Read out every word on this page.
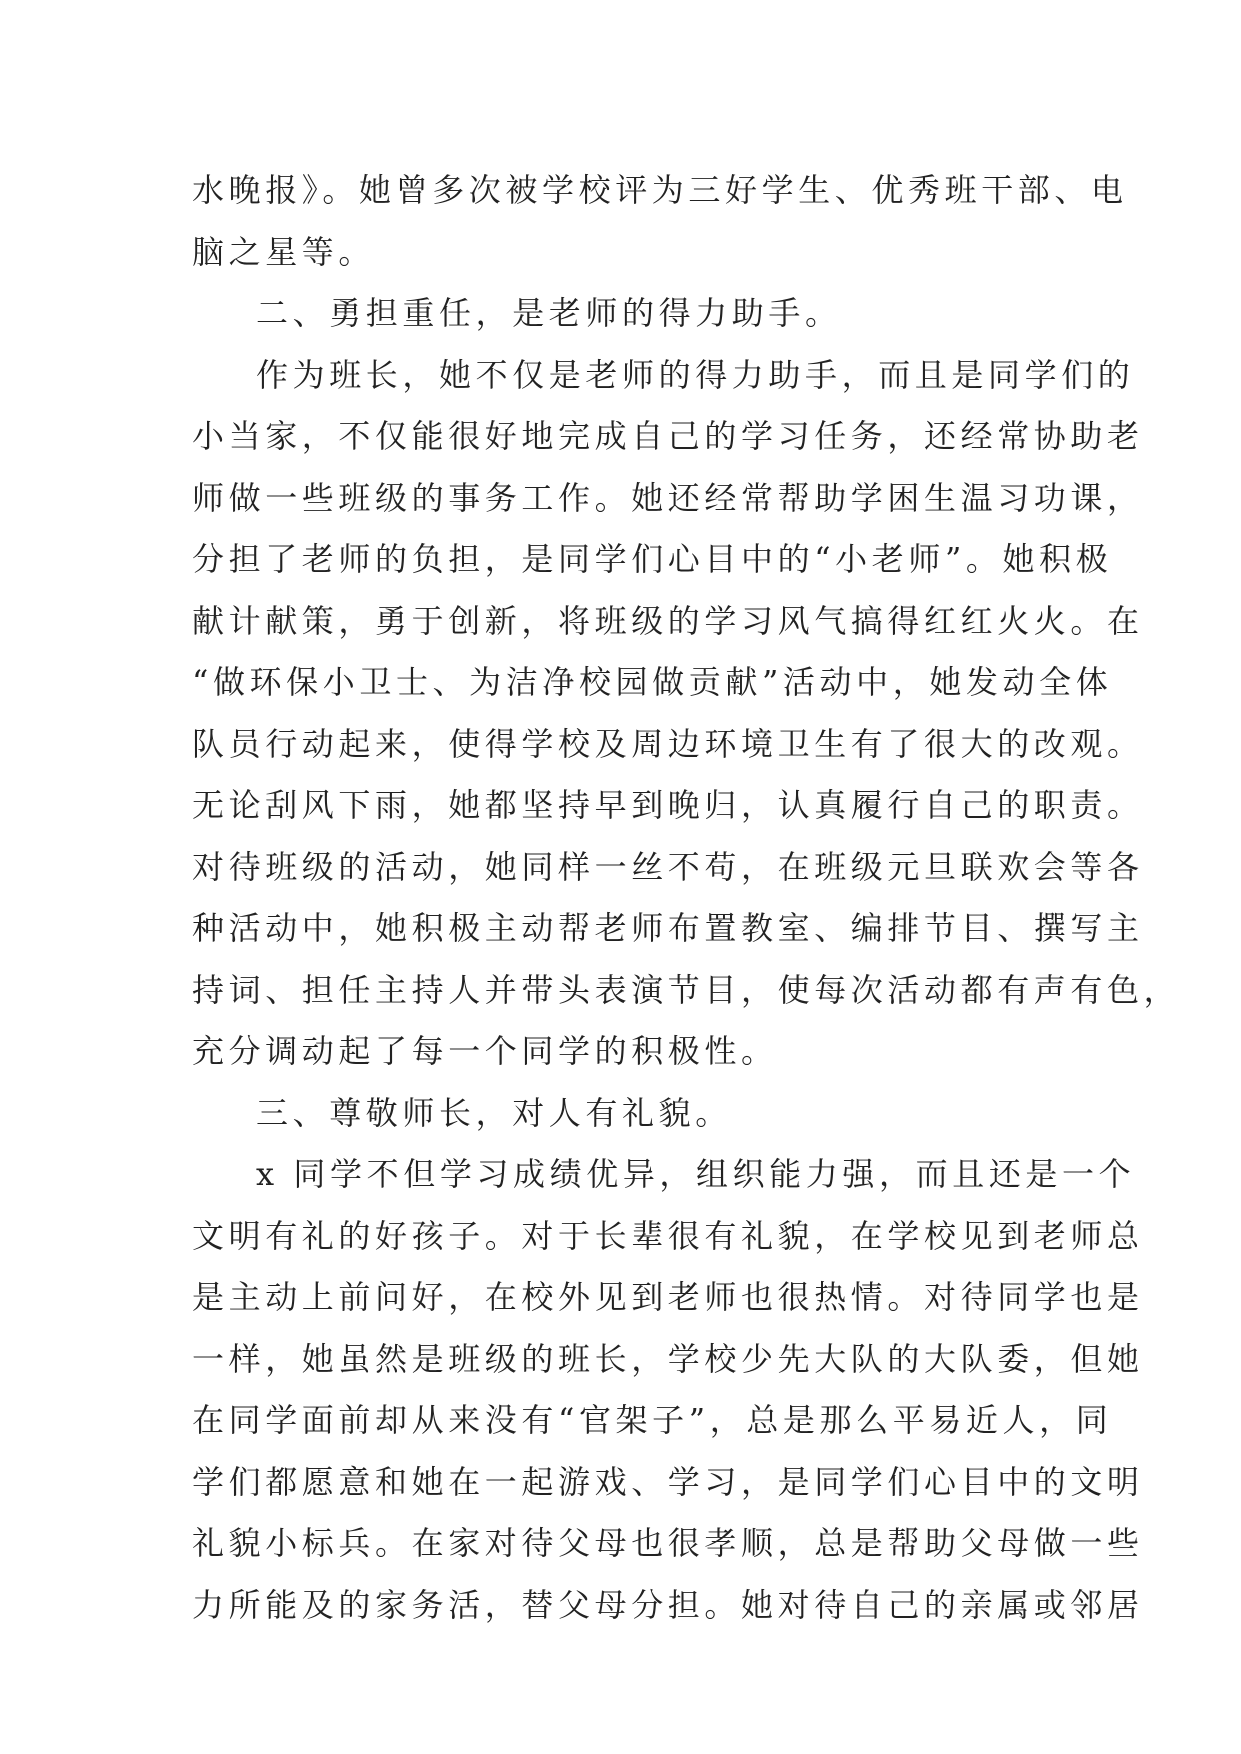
水晚报》。她曾多次被学校评为三好学生、优秀班干部、电
脑之星等。
二、勇担重任，是老师的得力助手。
作为班长，她不仅是老师的得力助手，而且是同学们的
小当家，不仅能很好地完成自己的学习任务，还经常协助老
师做一些班级的事务工作。她还经常帮助学困生温习功课，
分担了老师的负担，是同学们心目中的“小老师”。她积极
献计献策，勇于创新，将班级的学习风气搞得红红火火。在
“做环保小卫士、为洁净校园做贡献”活动中，她发动全体
队员行动起来，使得学校及周边环境卫生有了很大的改观。
无论刮风下雨，她都坚持早到晚归，认真履行自己的职责。
对待班级的活动，她同样一丝不苟，在班级元旦联欢会等各
种活动中，她积极主动帮老师布置教室、编排节目、撰写主
持词、担任主持人并带头表演节目，使每次活动都有声有色，
充分调动起了每一个同学的积极性。
三、尊敬师长，对人有礼貌。
x 同学不但学习成绩优异，组织能力强，而且还是一个
文明有礼的好孩子。对于长辈很有礼貌，在学校见到老师总
是主动上前问好，在校外见到老师也很热情。对待同学也是
一样，她虽然是班级的班长，学校少先大队的大队委，但她
在同学面前却从来没有“官架子”，总是那么平易近人，同
学们都愿意和她在一起游戏、学习，是同学们心目中的文明
礼貌小标兵。在家对待父母也很孝顺，总是帮助父母做一些
力所能及的家务活，替父母分担。她对待自己的亲属或邻居
